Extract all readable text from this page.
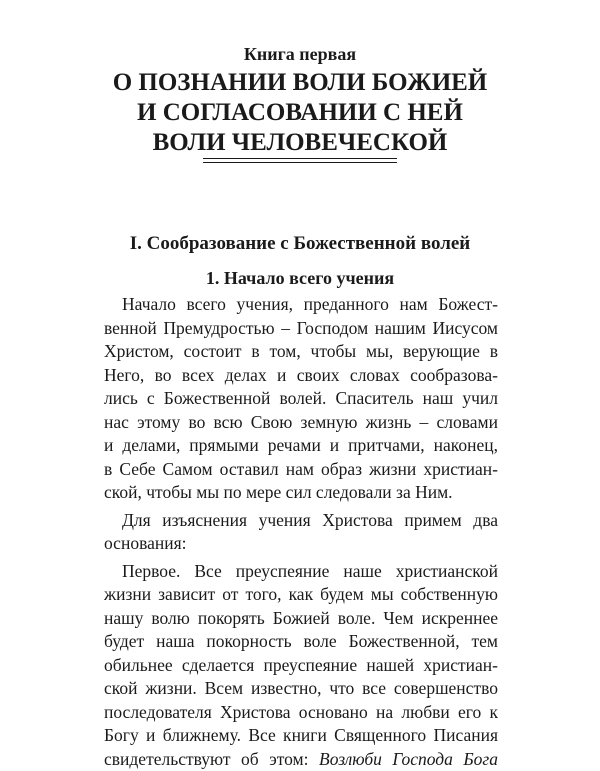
Книга первая
О ПОЗНАНИИ ВОЛИ БОЖИЕЙ
И СОГЛАСОВАНИИ С НЕЙ
ВОЛИ ЧЕЛОВЕЧЕСКОЙ
I. Сообразование с Божественной волей
1. Начало всего учения
Начало всего учения, преданного нам Божест-
венной Премудростью – Господом нашим Иисусом
Христом, состоит в том, чтобы мы, верующие в
Него, во всех делах и своих словах сообразова-
лись с Божественной волей. Спаситель наш учил
нас этому во всю Свою земную жизнь – словами
и делами, прямыми речами и притчами, наконец,
в Себе Самом оставил нам образ жизни христиан-
ской, чтобы мы по мере сил следовали за Ним.
Для изъяснения учения Христова примем два
основания:
Первое. Все преуспеяние наше христианской
жизни зависит от того, как будем мы собственную
нашу волю покорять Божией воле. Чем искреннее
будет наша покорность воле Божественной, тем
обильнее сделается преуспеяние нашей христиан-
ской жизни. Всем известно, что все совершенство
последователя Христова основано на любви его к
Богу и ближнему. Все книги Священного Писания
свидетельствуют об этом: Возлюби Господа Бога
